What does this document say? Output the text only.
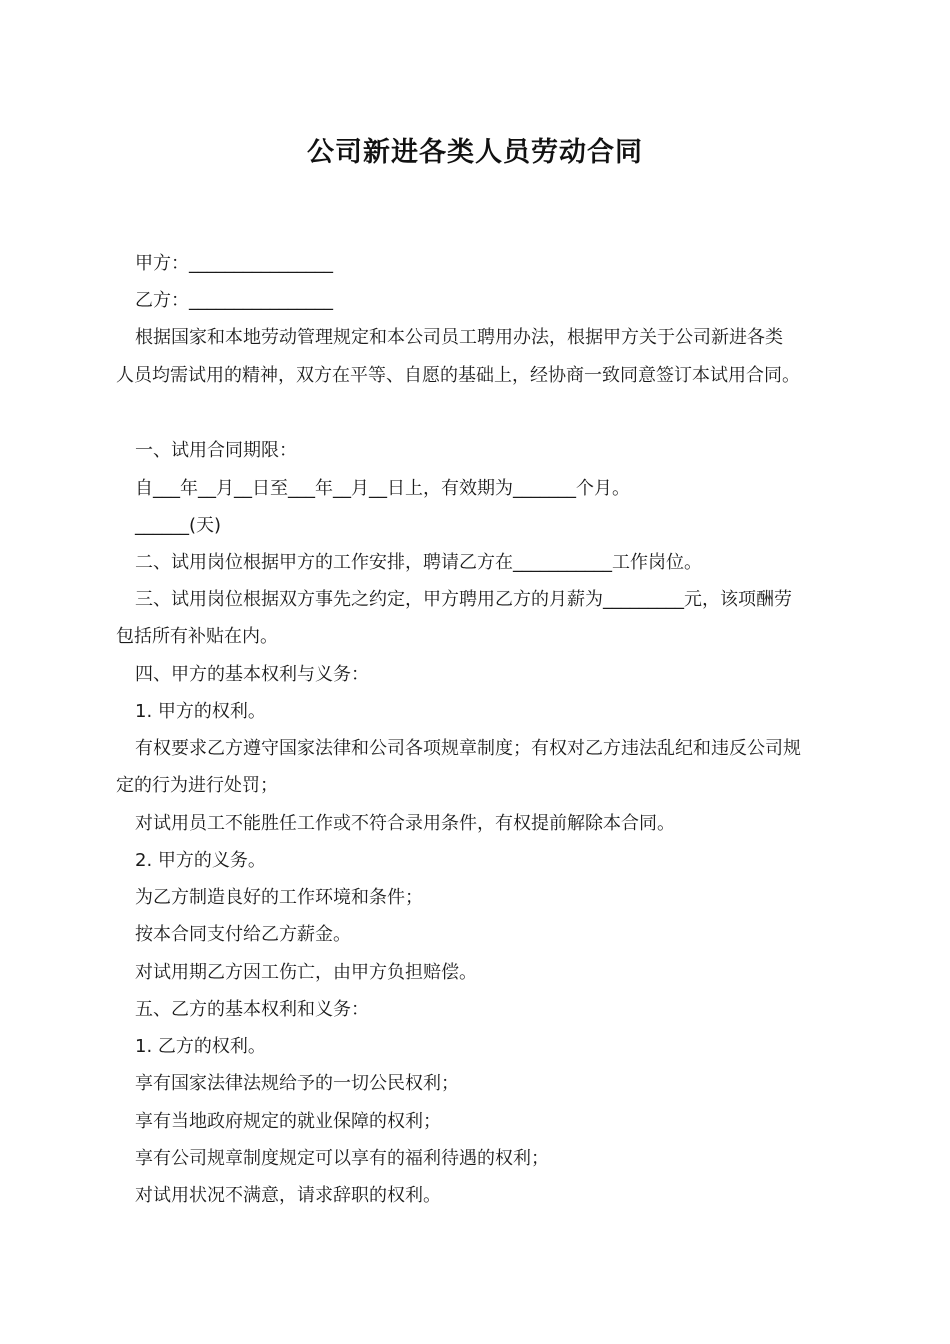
公司新进各类人员劳动合同
甲方：________________
乙方：________________
根据国家和本地劳动管理规定和本公司员工聘用办法，根据甲方关于公司新进各类
人员均需试用的精神，双方在平等、自愿的基础上，经协商一致同意签订本试用合同。
一、试用合同期限：
自___年__月__日至___年__月__日上，有效期为_______个月。
______(天)
二、试用岗位根据甲方的工作安排，聘请乙方在___________工作岗位。
三、试用岗位根据双方事先之约定，甲方聘用乙方的月薪为_________元，该项酬劳
包括所有补贴在内。
四、甲方的基本权利与义务：
1. 甲方的权利。
有权要求乙方遵守国家法律和公司各项规章制度；有权对乙方违法乱纪和违反公司规
定的行为进行处罚；
对试用员工不能胜任工作或不符合录用条件，有权提前解除本合同。
2. 甲方的义务。
为乙方制造良好的工作环境和条件；
按本合同支付给乙方薪金。
对试用期乙方因工伤亡，由甲方负担赔偿。
五、乙方的基本权利和义务：
1. 乙方的权利。
享有国家法律法规给予的一切公民权利；
享有当地政府规定的就业保障的权利；
享有公司规章制度规定可以享有的福利待遇的权利；
对试用状况不满意，请求辞职的权利。
